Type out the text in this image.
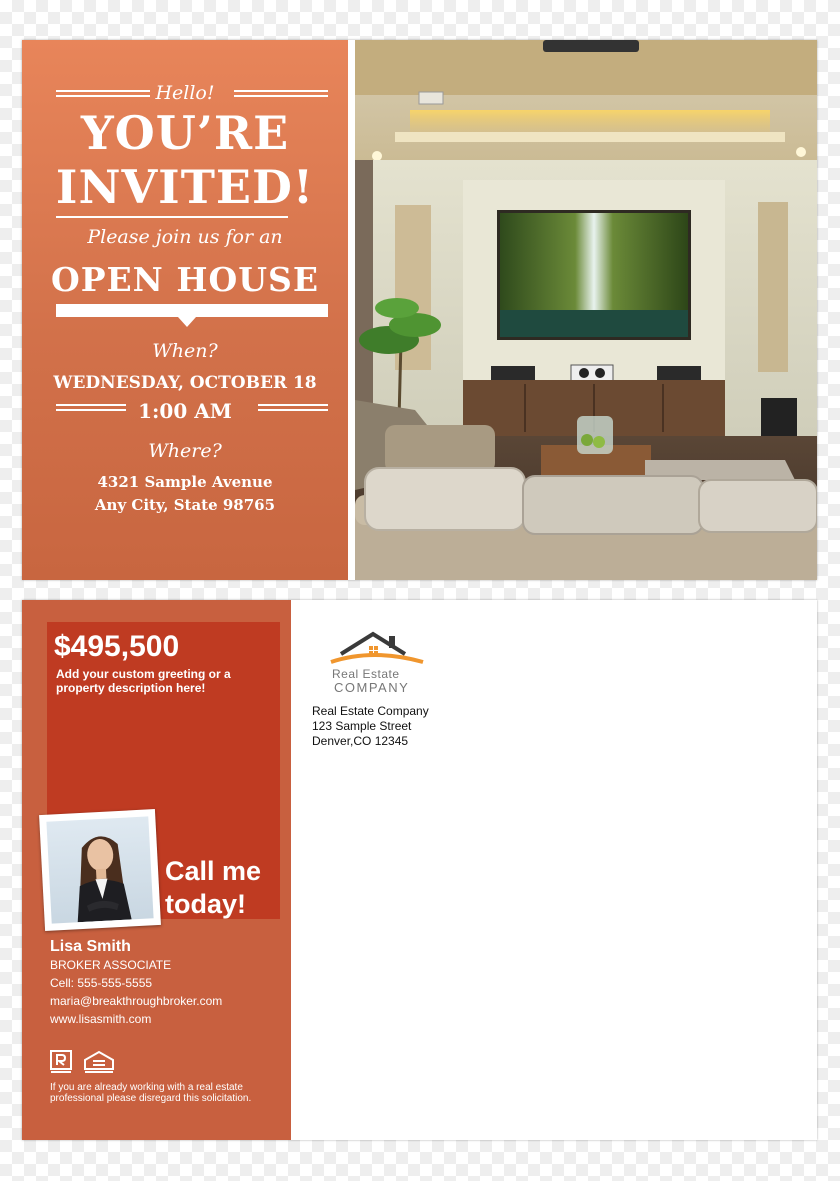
Hello!
YOU’RE
INVITED!
Please join us for an
OPEN HOUSE
When?
WEDNESDAY, OCTOBER 18
1:00 AM
Where?
4321 Sample Avenue
Any City, State 98765
$495,500
Add your custom greeting or a
property description here!
Call me
today!
Lisa Smith
BROKER ASSOCIATE
Cell: 555-555-5555
maria@breakthroughbroker.com
www.lisasmith.com
If you are already working with a real estate
professional please disregard this solicitation.
Real Estate
COMPANY
Real Estate Company
123 Sample Street
Denver,CO 12345
